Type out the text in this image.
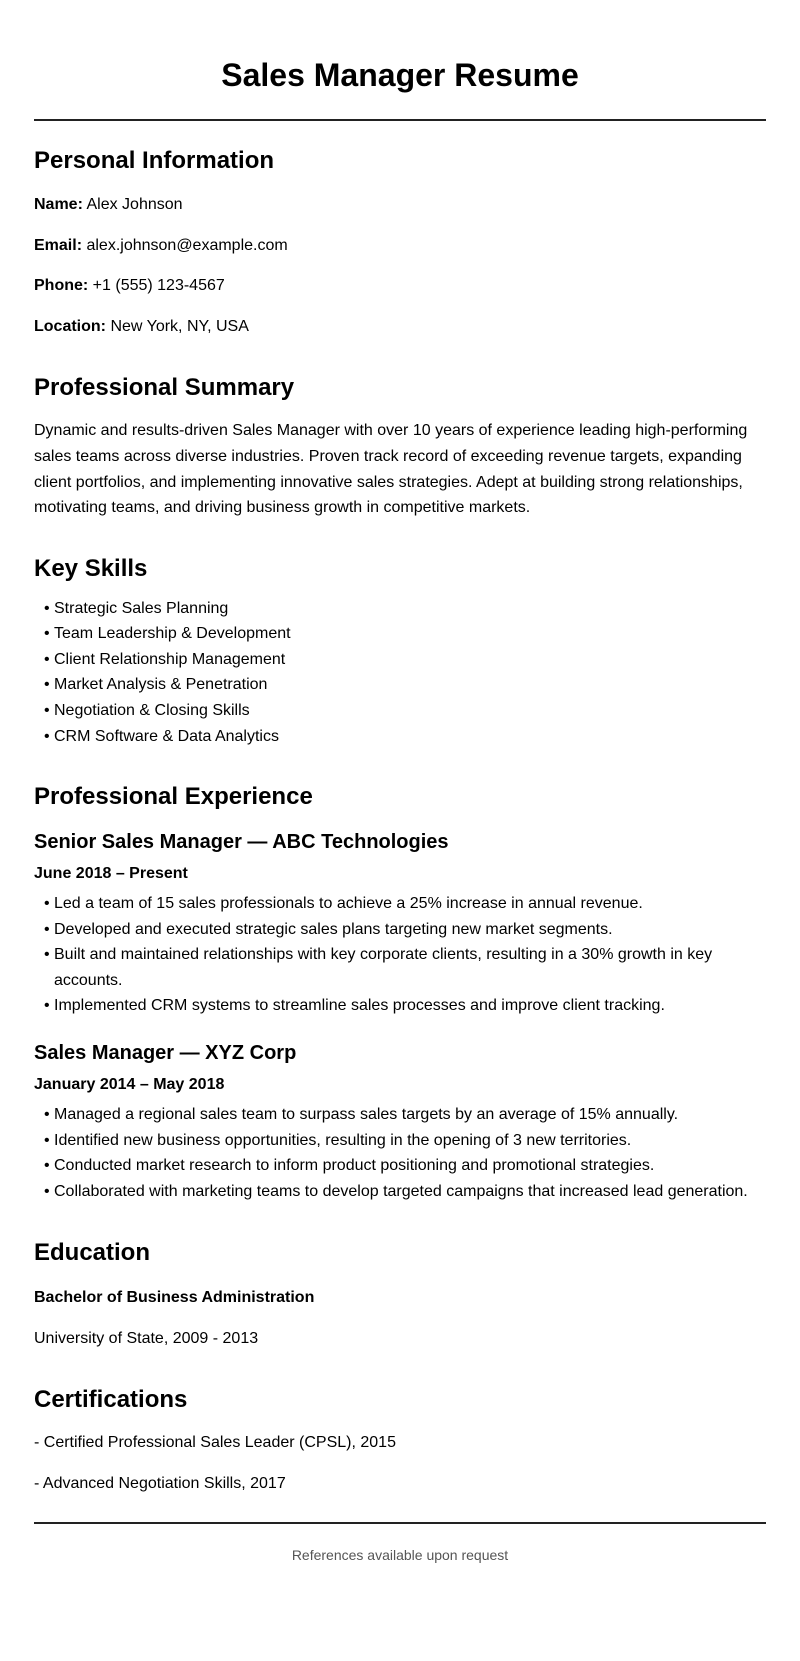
Sales Manager Resume
Personal Information

Name: Alex Johnson

Email: alex.johnson@example.com

Phone: +1 (555) 123-4567

Location: New York, NY, USA

Professional Summary

Dynamic and results-driven Sales Manager with over 10 years of experience leading high-performing sales teams across diverse industries. Proven track record of exceeding revenue targets, expanding client portfolios, and implementing innovative sales strategies. Adept at building strong relationships, motivating teams, and driving business growth in competitive markets.

Key Skills
• Strategic Sales Planning
• Team Leadership & Development
• Client Relationship Management
• Market Analysis & Penetration
• Negotiation & Closing Skills
• CRM Software & Data Analytics
Professional Experience
Senior Sales Manager — ABC Technologies
June 2018 – Present
• Led a team of 15 sales professionals to achieve a 25% increase in annual revenue.
• Developed and executed strategic sales plans targeting new market segments.
• Built and maintained relationships with key corporate clients, resulting in a 30% growth in key accounts.
• Implemented CRM systems to streamline sales processes and improve client tracking.
Sales Manager — XYZ Corp
January 2014 – May 2018
• Managed a regional sales team to surpass sales targets by an average of 15% annually.
• Identified new business opportunities, resulting in the opening of 3 new territories.
• Conducted market research to inform product positioning and promotional strategies.
• Collaborated with marketing teams to develop targeted campaigns that increased lead generation.
Education

Bachelor of Business Administration

University of State, 2009 - 2013

Certifications

- Certified Professional Sales Leader (CPSL), 2015

- Advanced Negotiation Skills, 2017

References available upon request
